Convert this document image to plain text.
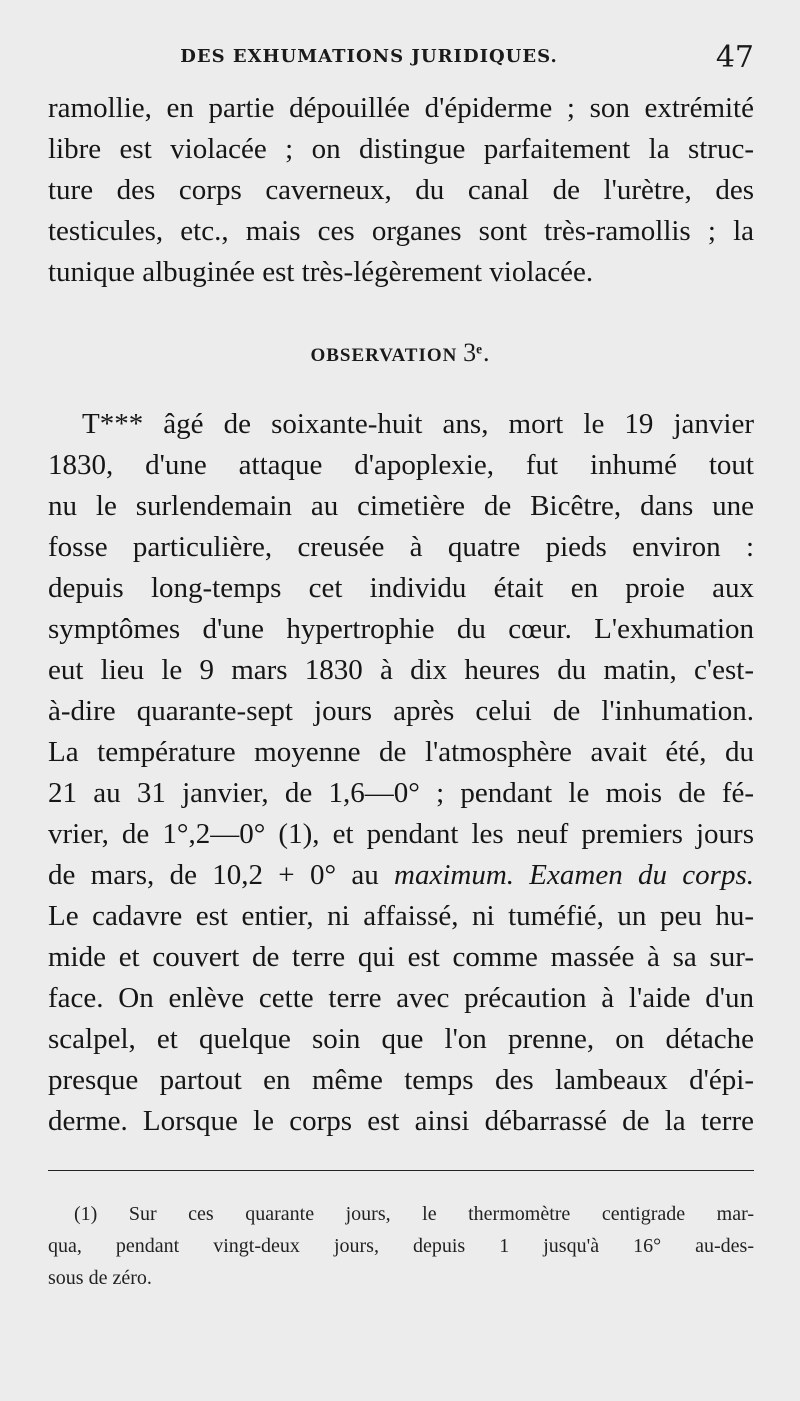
DES EXHUMATIONS JURIDIQUES.	47
ramollie, en partie dépouillée d'épiderme ; son extrémité
libre est violacée ; on distingue parfaitement la struc-
ture des corps caverneux, du canal de l'urètre, des
testicules, etc., mais ces organes sont très-ramollis ; la
tunique albuginée est très-légèrement violacée.
OBSERVATION 3e.
T*** âgé de soixante-huit ans, mort le 19 janvier
1830, d'une attaque d'apoplexie, fut inhumé tout
nu le surlendemain au cimetière de Bicêtre, dans une
fosse particulière, creusée à quatre pieds environ :
depuis long-temps cet individu était en proie aux
symptômes d'une hypertrophie du cœur. L'exhumation
eut lieu le 9 mars 1830 à dix heures du matin, c'est-
à-dire quarante-sept jours après celui de l'inhumation.
La température moyenne de l'atmosphère avait été, du
21 au 31 janvier, de 1,6—0° ; pendant le mois de fé-
vrier, de 1°,2—0° (1), et pendant les neuf premiers jours
de mars, de 10,2 + 0° au maximum. Examen du corps.
Le cadavre est entier, ni affaissé, ni tuméfié, un peu hu-
mide et couvert de terre qui est comme massée à sa sur-
face. On enlève cette terre avec précaution à l'aide d'un
scalpel, et quelque soin que l'on prenne, on détache
presque partout en même temps des lambeaux d'épi-
derme. Lorsque le corps est ainsi débarrassé de la terre
(1) Sur ces quarante jours, le thermomètre centigrade mar-
qua, pendant vingt-deux jours, depuis 1 jusqu'à 16° au-des-
sous de zéro.
